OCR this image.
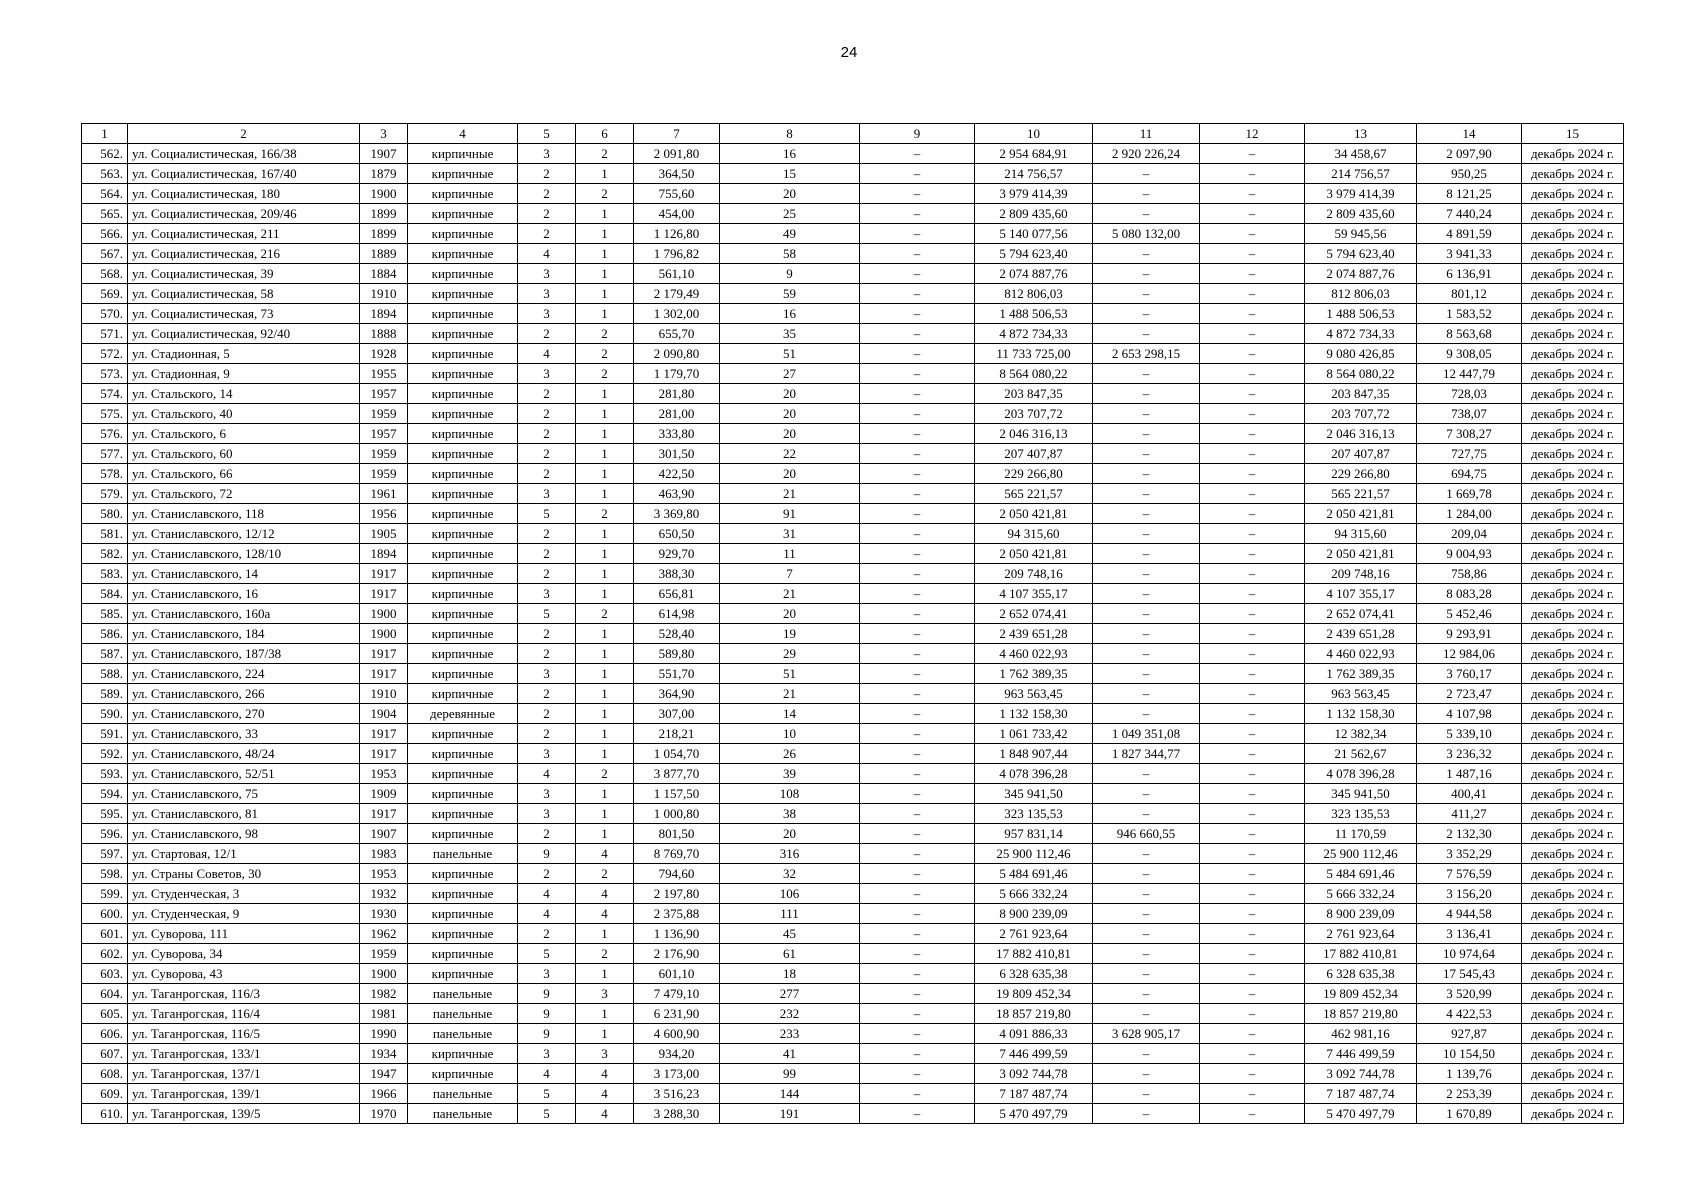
24
1	2	3	4	5	6	7	8	9	10	11	12	13	14	15
562.	ул. Социалистическая, 166/38	1907	кирпичные	3	2	2 091,80	16	–	2 954 684,91	2 920 226,24	–	34 458,67	2 097,90	декабрь 2024 г.
563.	ул. Социалистическая, 167/40	1879	кирпичные	2	1	364,50	15	–	214 756,57	–	–	214 756,57	950,25	декабрь 2024 г.
564.	ул. Социалистическая, 180	1900	кирпичные	2	2	755,60	20	–	3 979 414,39	–	–	3 979 414,39	8 121,25	декабрь 2024 г.
565.	ул. Социалистическая, 209/46	1899	кирпичные	2	1	454,00	25	–	2 809 435,60	–	–	2 809 435,60	7 440,24	декабрь 2024 г.
566.	ул. Социалистическая, 211	1899	кирпичные	2	1	1 126,80	49	–	5 140 077,56	5 080 132,00	–	59 945,56	4 891,59	декабрь 2024 г.
567.	ул. Социалистическая, 216	1889	кирпичные	4	1	1 796,82	58	–	5 794 623,40	–	–	5 794 623,40	3 941,33	декабрь 2024 г.
568.	ул. Социалистическая, 39	1884	кирпичные	3	1	561,10	9	–	2 074 887,76	–	–	2 074 887,76	6 136,91	декабрь 2024 г.
569.	ул. Социалистическая, 58	1910	кирпичные	3	1	2 179,49	59	–	812 806,03	–	–	812 806,03	801,12	декабрь 2024 г.
570.	ул. Социалистическая, 73	1894	кирпичные	3	1	1 302,00	16	–	1 488 506,53	–	–	1 488 506,53	1 583,52	декабрь 2024 г.
571.	ул. Социалистическая, 92/40	1888	кирпичные	2	2	655,70	35	–	4 872 734,33	–	–	4 872 734,33	8 563,68	декабрь 2024 г.
572.	ул. Стадионная, 5	1928	кирпичные	4	2	2 090,80	51	–	11 733 725,00	2 653 298,15	–	9 080 426,85	9 308,05	декабрь 2024 г.
573.	ул. Стадионная, 9	1955	кирпичные	3	2	1 179,70	27	–	8 564 080,22	–	–	8 564 080,22	12 447,79	декабрь 2024 г.
574.	ул. Стальского, 14	1957	кирпичные	2	1	281,80	20	–	203 847,35	–	–	203 847,35	728,03	декабрь 2024 г.
575.	ул. Стальского, 40	1959	кирпичные	2	1	281,00	20	–	203 707,72	–	–	203 707,72	738,07	декабрь 2024 г.
576.	ул. Стальского, 6	1957	кирпичные	2	1	333,80	20	–	2 046 316,13	–	–	2 046 316,13	7 308,27	декабрь 2024 г.
577.	ул. Стальского, 60	1959	кирпичные	2	1	301,50	22	–	207 407,87	–	–	207 407,87	727,75	декабрь 2024 г.
578.	ул. Стальского, 66	1959	кирпичные	2	1	422,50	20	–	229 266,80	–	–	229 266,80	694,75	декабрь 2024 г.
579.	ул. Стальского, 72	1961	кирпичные	3	1	463,90	21	–	565 221,57	–	–	565 221,57	1 669,78	декабрь 2024 г.
580.	ул. Станиславского, 118	1956	кирпичные	5	2	3 369,80	91	–	2 050 421,81	–	–	2 050 421,81	1 284,00	декабрь 2024 г.
581.	ул. Станиславского, 12/12	1905	кирпичные	2	1	650,50	31	–	94 315,60	–	–	94 315,60	209,04	декабрь 2024 г.
582.	ул. Станиславского, 128/10	1894	кирпичные	2	1	929,70	11	–	2 050 421,81	–	–	2 050 421,81	9 004,93	декабрь 2024 г.
583.	ул. Станиславского, 14	1917	кирпичные	2	1	388,30	7	–	209 748,16	–	–	209 748,16	758,86	декабрь 2024 г.
584.	ул. Станиславского, 16	1917	кирпичные	3	1	656,81	21	–	4 107 355,17	–	–	4 107 355,17	8 083,28	декабрь 2024 г.
585.	ул. Станиславского, 160а	1900	кирпичные	5	2	614,98	20	–	2 652 074,41	–	–	2 652 074,41	5 452,46	декабрь 2024 г.
586.	ул. Станиславского, 184	1900	кирпичные	2	1	528,40	19	–	2 439 651,28	–	–	2 439 651,28	9 293,91	декабрь 2024 г.
587.	ул. Станиславского, 187/38	1917	кирпичные	2	1	589,80	29	–	4 460 022,93	–	–	4 460 022,93	12 984,06	декабрь 2024 г.
588.	ул. Станиславского, 224	1917	кирпичные	3	1	551,70	51	–	1 762 389,35	–	–	1 762 389,35	3 760,17	декабрь 2024 г.
589.	ул. Станиславского, 266	1910	кирпичные	2	1	364,90	21	–	963 563,45	–	–	963 563,45	2 723,47	декабрь 2024 г.
590.	ул. Станиславского, 270	1904	деревянные	2	1	307,00	14	–	1 132 158,30	–	–	1 132 158,30	4 107,98	декабрь 2024 г.
591.	ул. Станиславского, 33	1917	кирпичные	2	1	218,21	10	–	1 061 733,42	1 049 351,08	–	12 382,34	5 339,10	декабрь 2024 г.
592.	ул. Станиславского, 48/24	1917	кирпичные	3	1	1 054,70	26	–	1 848 907,44	1 827 344,77	–	21 562,67	3 236,32	декабрь 2024 г.
593.	ул. Станиславского, 52/51	1953	кирпичные	4	2	3 877,70	39	–	4 078 396,28	–	–	4 078 396,28	1 487,16	декабрь 2024 г.
594.	ул. Станиславского, 75	1909	кирпичные	3	1	1 157,50	108	–	345 941,50	–	–	345 941,50	400,41	декабрь 2024 г.
595.	ул. Станиславского, 81	1917	кирпичные	3	1	1 000,80	38	–	323 135,53	–	–	323 135,53	411,27	декабрь 2024 г.
596.	ул. Станиславского, 98	1907	кирпичные	2	1	801,50	20	–	957 831,14	946 660,55	–	11 170,59	2 132,30	декабрь 2024 г.
597.	ул. Стартовая, 12/1	1983	панельные	9	4	8 769,70	316	–	25 900 112,46	–	–	25 900 112,46	3 352,29	декабрь 2024 г.
598.	ул. Страны Советов, 30	1953	кирпичные	2	2	794,60	32	–	5 484 691,46	–	–	5 484 691,46	7 576,59	декабрь 2024 г.
599.	ул. Студенческая, 3	1932	кирпичные	4	4	2 197,80	106	–	5 666 332,24	–	–	5 666 332,24	3 156,20	декабрь 2024 г.
600.	ул. Студенческая, 9	1930	кирпичные	4	4	2 375,88	111	–	8 900 239,09	–	–	8 900 239,09	4 944,58	декабрь 2024 г.
601.	ул. Суворова, 111	1962	кирпичные	2	1	1 136,90	45	–	2 761 923,64	–	–	2 761 923,64	3 136,41	декабрь 2024 г.
602.	ул. Суворова, 34	1959	кирпичные	5	2	2 176,90	61	–	17 882 410,81	–	–	17 882 410,81	10 974,64	декабрь 2024 г.
603.	ул. Суворова, 43	1900	кирпичные	3	1	601,10	18	–	6 328 635,38	–	–	6 328 635,38	17 545,43	декабрь 2024 г.
604.	ул. Таганрогская, 116/3	1982	панельные	9	3	7 479,10	277	–	19 809 452,34	–	–	19 809 452,34	3 520,99	декабрь 2024 г.
605.	ул. Таганрогская, 116/4	1981	панельные	9	1	6 231,90	232	–	18 857 219,80	–	–	18 857 219,80	4 422,53	декабрь 2024 г.
606.	ул. Таганрогская, 116/5	1990	панельные	9	1	4 600,90	233	–	4 091 886,33	3 628 905,17	–	462 981,16	927,87	декабрь 2024 г.
607.	ул. Таганрогская, 133/1	1934	кирпичные	3	3	934,20	41	–	7 446 499,59	–	–	7 446 499,59	10 154,50	декабрь 2024 г.
608.	ул. Таганрогская, 137/1	1947	кирпичные	4	4	3 173,00	99	–	3 092 744,78	–	–	3 092 744,78	1 139,76	декабрь 2024 г.
609.	ул. Таганрогская, 139/1	1966	панельные	5	4	3 516,23	144	–	7 187 487,74	–	–	7 187 487,74	2 253,39	декабрь 2024 г.
610.	ул. Таганрогская, 139/5	1970	панельные	5	4	3 288,30	191	–	5 470 497,79	–	–	5 470 497,79	1 670,89	декабрь 2024 г.
